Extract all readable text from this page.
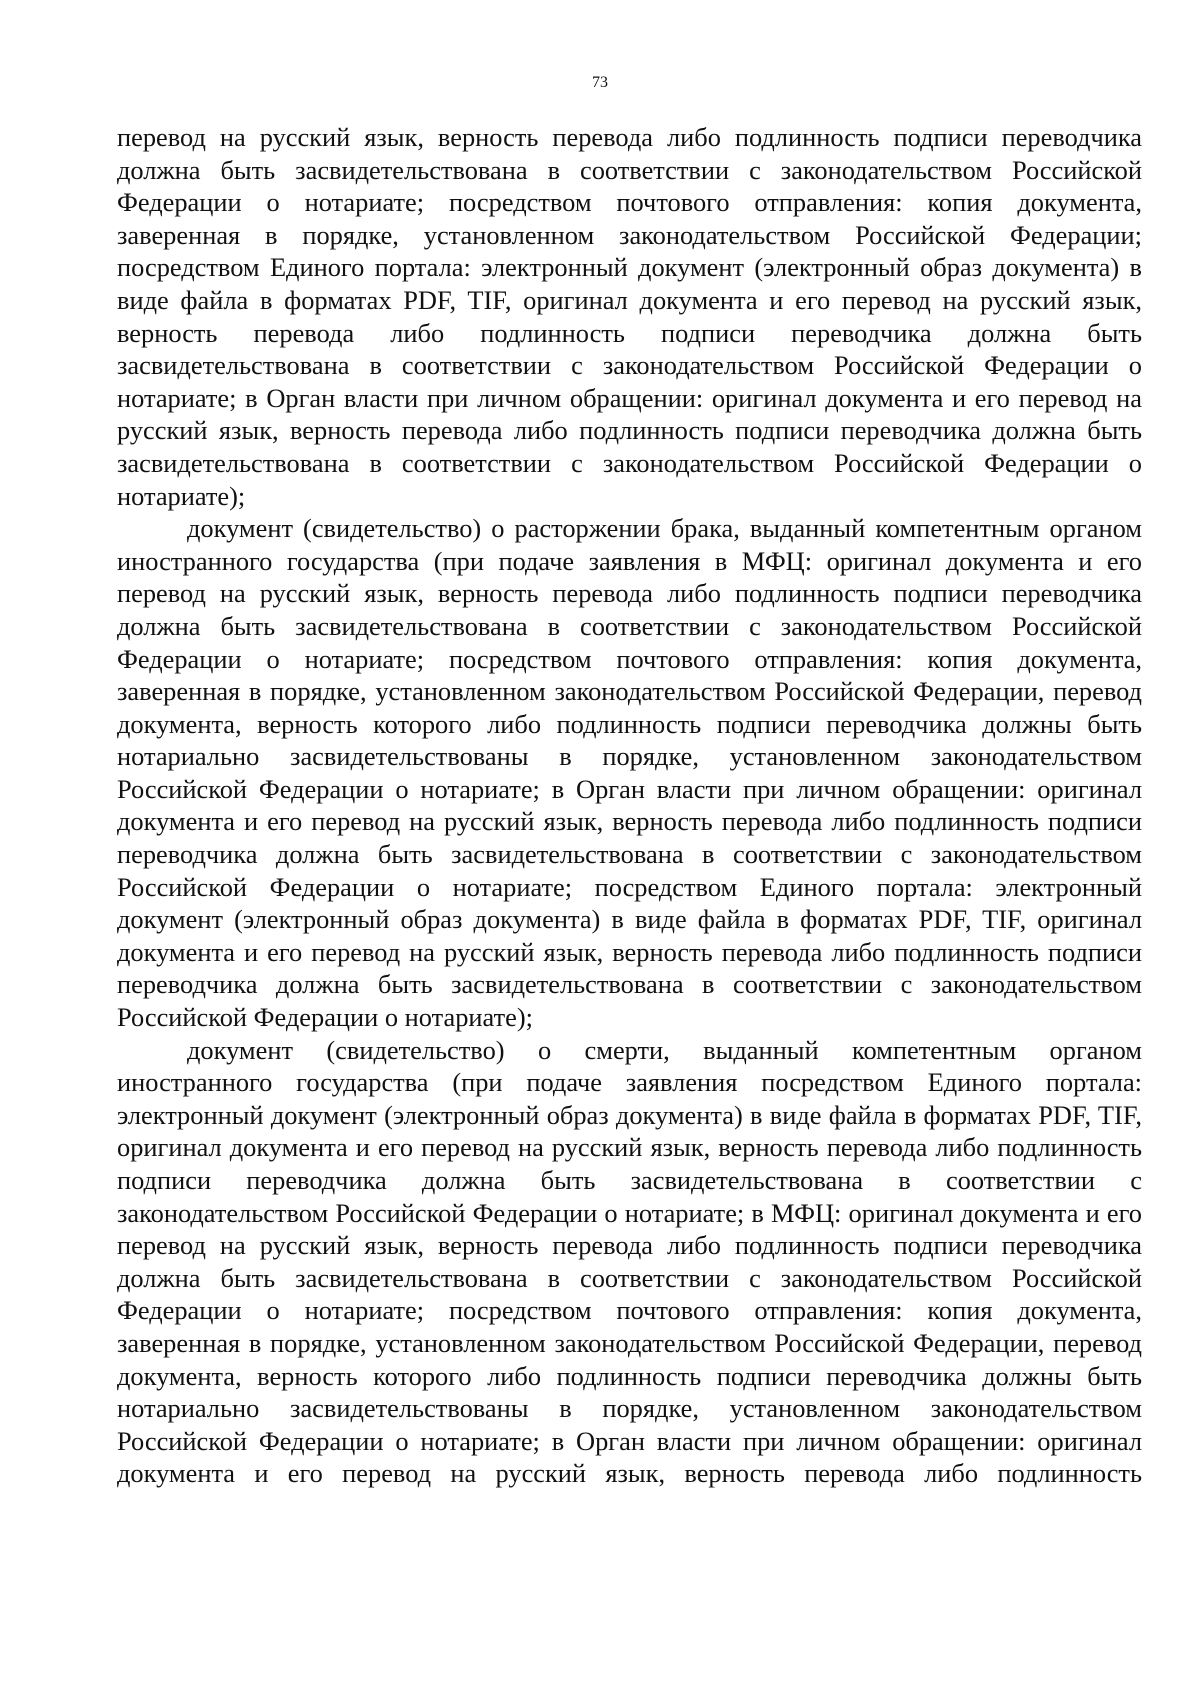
73

перевод на русский язык, верность перевода либо подлинность подписи переводчика должна быть засвидетельствована в соответствии с законодательством Российской Федерации о нотариате; посредством почтового отправления: копия документа, заверенная в порядке, установленном законодательством Российской Федерации; посредством Единого портала: электронный документ (электронный образ документа) в виде файла в форматах PDF, TIF, оригинал документа и его перевод на русский язык, верность перевода либо подлинность подписи переводчика должна быть засвидетельствована в соответствии с законодательством Российской Федерации о нотариате; в Орган власти при личном обращении: оригинал документа и его перевод на русский язык, верность перевода либо подлинность подписи переводчика должна быть засвидетельствована в соответствии с законодательством Российской Федерации о нотариате);

документ (свидетельство) о расторжении брака, выданный компетентным органом иностранного государства (при подаче заявления в МФЦ: оригинал документа и его перевод на русский язык, верность перевода либо подлинность подписи переводчика должна быть засвидетельствована в соответствии с законодательством Российской Федерации о нотариате; посредством почтового отправления: копия документа, заверенная в порядке, установленном законодательством Российской Федерации, перевод документа, верность которого либо подлинность подписи переводчика должны быть нотариально засвидетельствованы в порядке, установленном законодательством Российской Федерации о нотариате; в Орган власти при личном обращении: оригинал документа и его перевод на русский язык, верность перевода либо подлинность подписи переводчика должна быть засвидетельствована в соответствии с законодательством Российской Федерации о нотариате; посредством Единого портала: электронный документ (электронный образ документа) в виде файла в форматах PDF, TIF, оригинал документа и его перевод на русский язык, верность перевода либо подлинность подписи переводчика должна быть засвидетельствована в соответствии с законодательством Российской Федерации о нотариате);

документ (свидетельство) о смерти, выданный компетентным органом иностранного государства (при подаче заявления посредством Единого портала: электронный документ (электронный образ документа) в виде файла в форматах PDF, TIF, оригинал документа и его перевод на русский язык, верность перевода либо подлинность подписи переводчика должна быть засвидетельствована в соответствии с законодательством Российской Федерации о нотариате; в МФЦ: оригинал документа и его перевод на русский язык, верность перевода либо подлинность подписи переводчика должна быть засвидетельствована в соответствии с законодательством Российской Федерации о нотариате; посредством почтового отправления: копия документа, заверенная в порядке, установленном законодательством Российской Федерации, перевод документа, верность которого либо подлинность подписи переводчика должны быть нотариально засвидетельствованы в порядке, установленном законодательством Российской Федерации о нотариате; в Орган власти при личном обращении: оригинал документа и его перевод на русский язык, верность перевода либо подлинность
